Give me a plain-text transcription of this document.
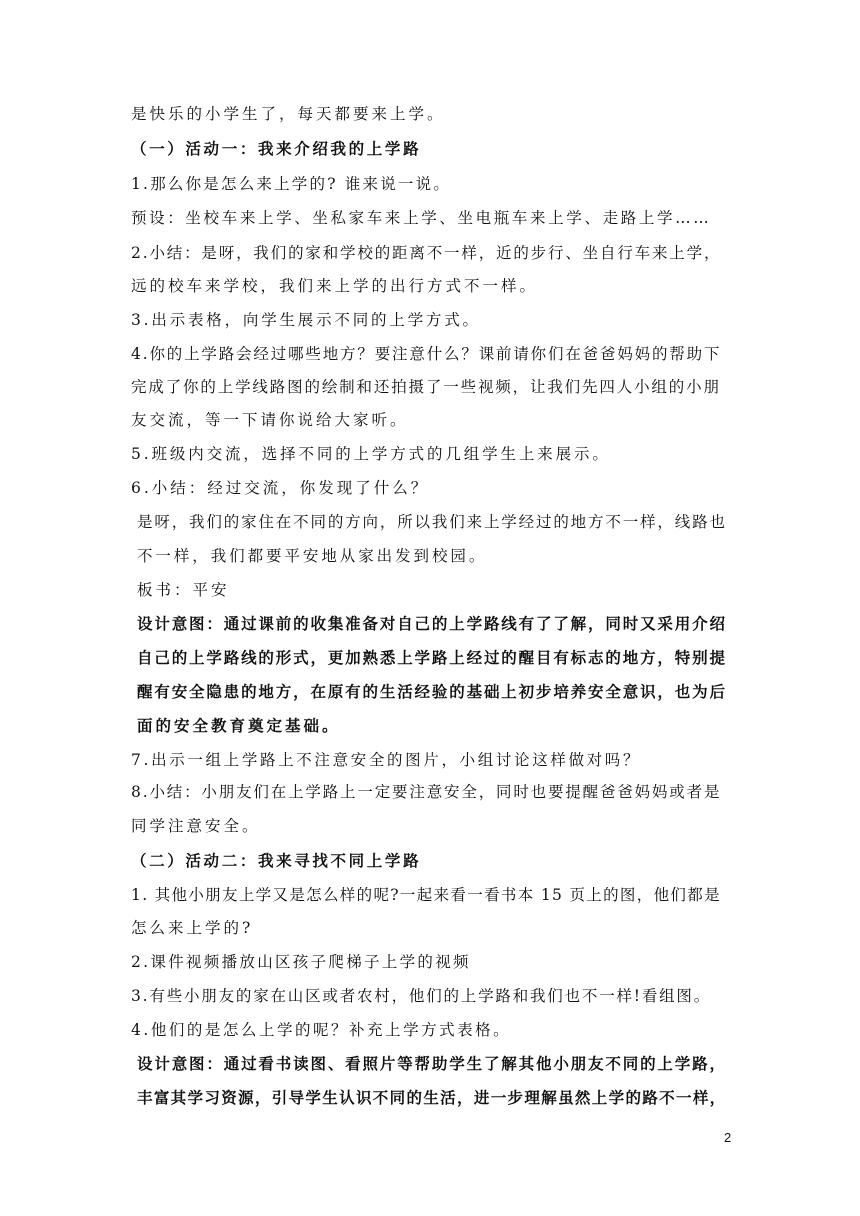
是快乐的小学生了，每天都要来上学。
（一）活动一：我来介绍我的上学路
1.那么你是怎么来上学的? 谁来说一说。
预设：坐校车来上学、坐私家车来上学、坐电瓶车来上学、走路上学……
2.小结：是呀，我们的家和学校的距离不一样，近的步行、坐自行车来上学，
远的校车来学校，我们来上学的出行方式不一样。
3.出示表格，向学生展示不同的上学方式。
4.你的上学路会经过哪些地方？要注意什么？课前请你们在爸爸妈妈的帮助下
完成了你的上学线路图的绘制和还拍摄了一些视频，让我们先四人小组的小朋
友交流，等一下请你说给大家听。
5.班级内交流，选择不同的上学方式的几组学生上来展示。
6.小结：经过交流，你发现了什么？
是呀，我们的家住在不同的方向，所以我们来上学经过的地方不一样，线路也
不一样，我们都要平安地从家出发到校园。
板书：平安
设计意图：通过课前的收集准备对自己的上学路线有了了解，同时又采用介绍
自己的上学路线的形式，更加熟悉上学路上经过的醒目有标志的地方，特别提
醒有安全隐患的地方，在原有的生活经验的基础上初步培养安全意识，也为后
面的安全教育奠定基础。
7.出示一组上学路上不注意安全的图片，小组讨论这样做对吗？
8.小结：小朋友们在上学路上一定要注意安全，同时也要提醒爸爸妈妈或者是
同学注意安全。
（二）活动二：我来寻找不同上学路
1. 其他小朋友上学又是怎么样的呢?一起来看一看书本 15 页上的图，他们都是
怎么来上学的?
2.课件视频播放山区孩子爬梯子上学的视频
3.有些小朋友的家在山区或者农村，他们的上学路和我们也不一样!看组图。
4.他们的是怎么上学的呢？补充上学方式表格。
设计意图：通过看书读图、看照片等帮助学生了解其他小朋友不同的上学路，
丰富其学习资源，引导学生认识不同的生活，进一步理解虽然上学的路不一样，
2
